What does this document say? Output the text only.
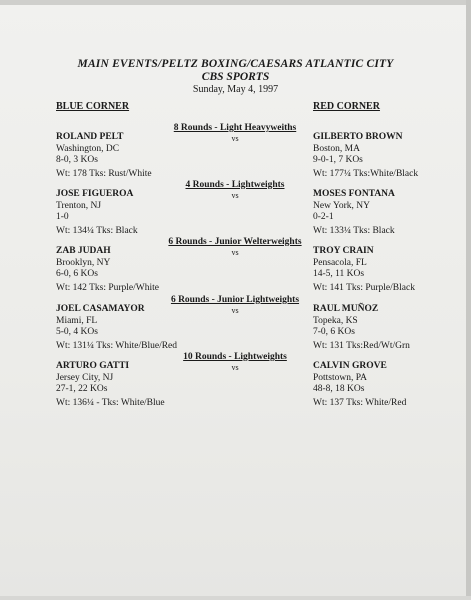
MAIN EVENTS/PELTZ BOXING/CAESARS ATLANTIC CITY
CBS SPORTS
Sunday, May 4, 1997
BLUE CORNER	RED CORNER
8 Rounds - Light Heavyweiths
vs
ROLAND PELT
Washington, DC
8-0, 3 KOs
Wt: 178 Tks: Rust/White
GILBERTO BROWN
Boston, MA
9-0-1, 7 KOs
Wt: 177¼ Tks:White/Black
4 Rounds - Lightweights
vs
JOSE FIGUEROA
Trenton, NJ
1-0
Wt: 134¼ Tks: Black
MOSES FONTANA
New York, NY
0-2-1
Wt: 133¼ Tks: Black
6 Rounds - Junior Welterweights
vs
ZAB JUDAH
Brooklyn, NY
6-0, 6 KOs
Wt: 142 Tks: Purple/White
TROY CRAIN
Pensacola, FL
14-5, 11 KOs
Wt: 141 Tks: Purple/Black
6 Rounds - Junior Lightweights
vs
JOEL CASAMAYOR
Miami, FL
5-0, 4 KOs
Wt: 131¼ Tks: White/Blue/Red
RAUL MUÑOZ
Topeka, KS
7-0, 6 KOs
Wt: 131 Tks:Red/Wt/Grn
10 Rounds - Lightweights
vs
ARTURO GATTI
Jersey City, NJ
27-1, 22 KOs
Wt: 136¼ - Tks: White/Blue
CALVIN GROVE
Pottstown, PA
48-8, 18 KOs
Wt: 137 Tks: White/Red
